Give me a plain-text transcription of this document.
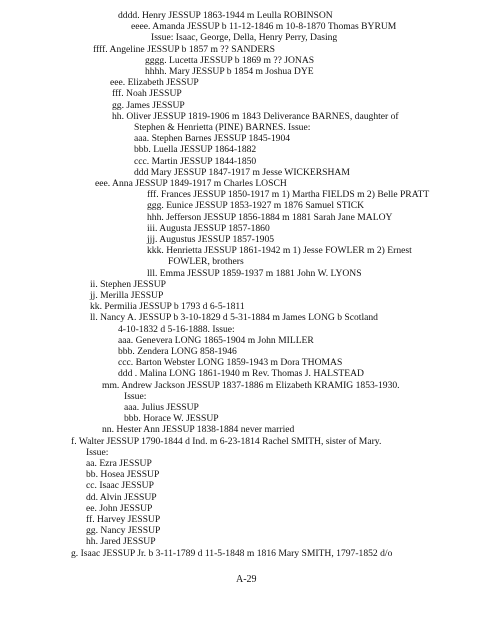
dddd. Henry JESSUP 1863-1944 m Leulla ROBINSON
eeee. Amanda JESSUP b 11-12-1846 m 10-8-1870 Thomas BYRUM
Issue: Isaac, George, Della, Henry Perry, Dasing
ffff. Angeline JESSUP b 1857 m ?? SANDERS
gggg. Lucetta JESSUP b 1869 m ?? JONAS
hhhh. Mary JESSUP b 1854 m Joshua DYE
eee. Elizabeth JESSUP
fff. Noah JESSUP
gg. James JESSUP
hh. Oliver JESSUP 1819-1906 m 1843 Deliverance BARNES, daughter of
Stephen & Henrietta (PINE) BARNES. Issue:
aaa. Stephen Barnes JESSUP 1845-1904
bbb. Luella JESSUP 1864-1882
ccc. Martin JESSUP 1844-1850
ddd Mary JESSUP 1847-1917 m Jesse WICKERSHAM
eee. Anna JESSUP 1849-1917 m Charles LOSCH
fff. Frances JESSUP 1850-1917 m 1) Martha FIELDS m 2) Belle PRATT
ggg. Eunice JESSUP 1853-1927 m 1876 Samuel STICK
hhh. Jefferson JESSUP 1856-1884 m 1881 Sarah Jane MALOY
iii. Augusta JESSUP 1857-1860
jjj. Augustus JESSUP 1857-1905
kkk. Henrietta JESSUP 1861-1942 m 1) Jesse FOWLER m 2) Ernest
FOWLER, brothers
lll. Emma JESSUP 1859-1937 m 1881 John W. LYONS
ii. Stephen JESSUP
jj. Merilla JESSUP
kk. Permilia JESSUP b 1793 d 6-5-1811
ll. Nancy A. JESSUP b 3-10-1829 d 5-31-1884 m James LONG b Scotland
4-10-1832 d 5-16-1888. Issue:
aaa. Genevera LONG 1865-1904 m John MILLER
bbb. Zendera LONG 858-1946
ccc. Barton Webster LONG 1859-1943 m Dora THOMAS
ddd . Malina LONG 1861-1940 m Rev. Thomas J. HALSTEAD
mm. Andrew Jackson JESSUP 1837-1886 m Elizabeth KRAMIG 1853-1930.
Issue:
aaa. Julius JESSUP
bbb. Horace W. JESSUP
nn. Hester Ann JESSUP 1838-1884 never married
f. Walter JESSUP 1790-1844 d Ind. m 6-23-1814 Rachel SMITH, sister of Mary.
Issue:
aa. Ezra JESSUP
bb. Hosea JESSUP
cc. Isaac JESSUP
dd. Alvin JESSUP
ee. John JESSUP
ff. Harvey JESSUP
gg. Nancy JESSUP
hh. Jared JESSUP
g. Isaac JESSUP Jr. b 3-11-1789 d 11-5-1848 m 1816 Mary SMITH, 1797-1852 d/o
A-29
